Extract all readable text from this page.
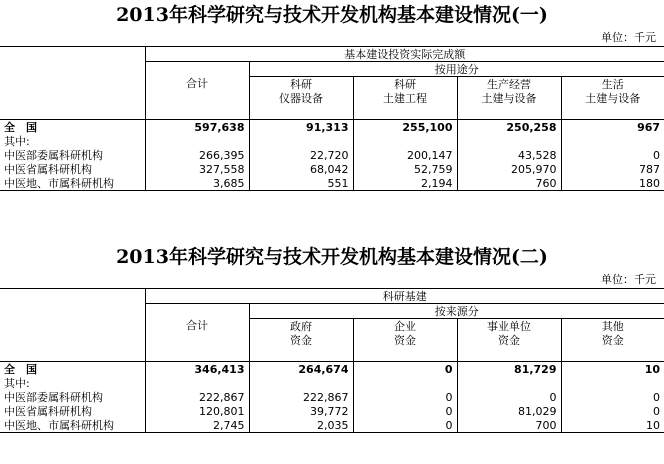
2013年科学研究与技术开发机构基本建设情况(一)
单位：千元
	基本建设投资实际完成额				
		按用途分			
	合计	科研	科研	生产经营	生活
		仪器设备	土建工程	土建与设备	土建与设备

全　国	597,638	91,313	255,100	250,258	967
其中:					
中医部委属科研机构	266,395	22,720	200,147	43,528	0
中医省属科研机构	327,558	68,042	52,759	205,970	787
中医地、市属科研机构	3,685	551	2,194	760	180
2013年科学研究与技术开发机构基本建设情况(二)
单位：千元
	科研基建				
		按来源分			
	合计	政府	企业	事业单位	其他
		资金	资金	资金	资金

全　国	346,413	264,674	0	81,729	10
其中:					
中医部委属科研机构	222,867	222,867	0	0	0
中医省属科研机构	120,801	39,772	0	81,029	0
中医地、市属科研机构	2,745	2,035	0	700	10
